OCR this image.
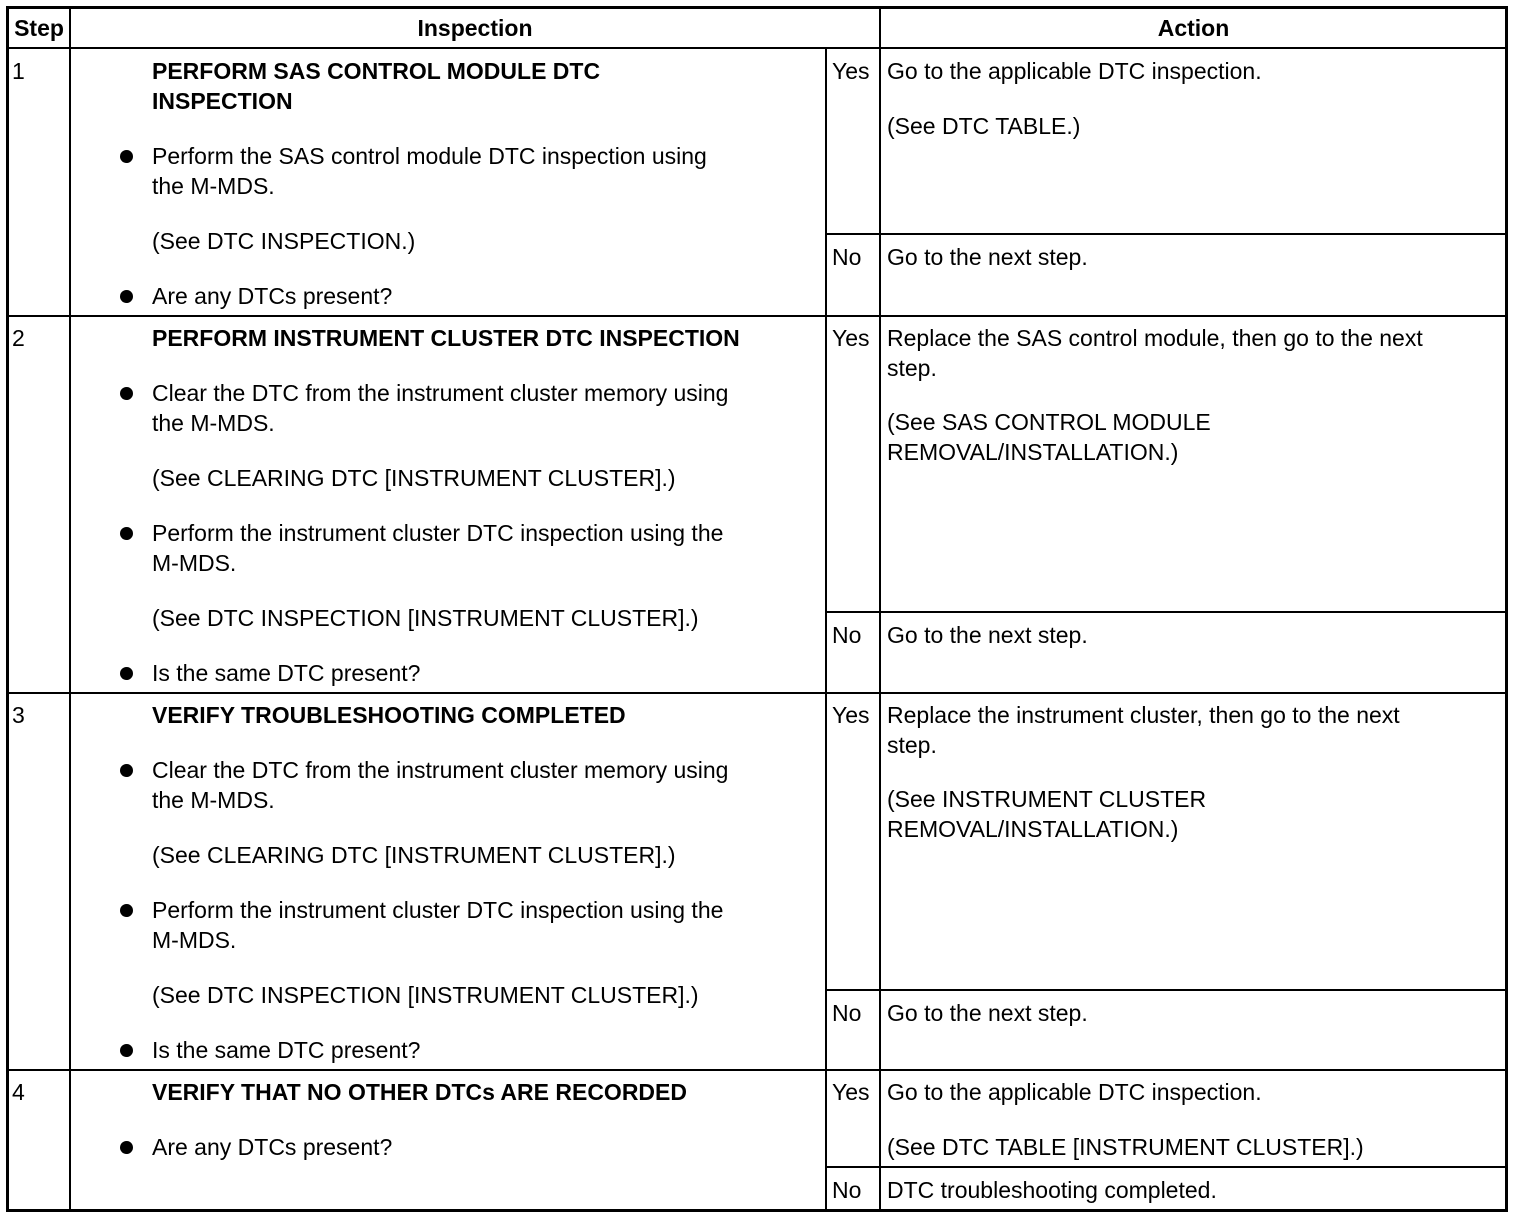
Step	Inspection	Action
1	PERFORM SAS CONTROL MODULE DTC
INSPECTION
Perform the SAS control module DTC inspection using
the M-MDS.
(See DTC INSPECTION.)
Are any DTCs present?
Yes Go to the applicable DTC inspection.
(See DTC TABLE.)
No Go to the next step.
2	PERFORM INSTRUMENT CLUSTER DTC INSPECTION
Clear the DTC from the instrument cluster memory using
the M-MDS.
(See CLEARING DTC [INSTRUMENT CLUSTER].)
Perform the instrument cluster DTC inspection using the
M-MDS.
(See DTC INSPECTION [INSTRUMENT CLUSTER].)
Is the same DTC present?
Yes Replace the SAS control module, then go to the next
step.
(See SAS CONTROL MODULE
REMOVAL/INSTALLATION.)
No Go to the next step.
3	VERIFY TROUBLESHOOTING COMPLETED
Clear the DTC from the instrument cluster memory using
the M-MDS.
(See CLEARING DTC [INSTRUMENT CLUSTER].)
Perform the instrument cluster DTC inspection using the
M-MDS.
(See DTC INSPECTION [INSTRUMENT CLUSTER].)
Is the same DTC present?
Yes Replace the instrument cluster, then go to the next
step.
(See INSTRUMENT CLUSTER
REMOVAL/INSTALLATION.)
No Go to the next step.
4	VERIFY THAT NO OTHER DTCs ARE RECORDED
Are any DTCs present?
Yes Go to the applicable DTC inspection.
(See DTC TABLE [INSTRUMENT CLUSTER].)
No DTC troubleshooting completed.
